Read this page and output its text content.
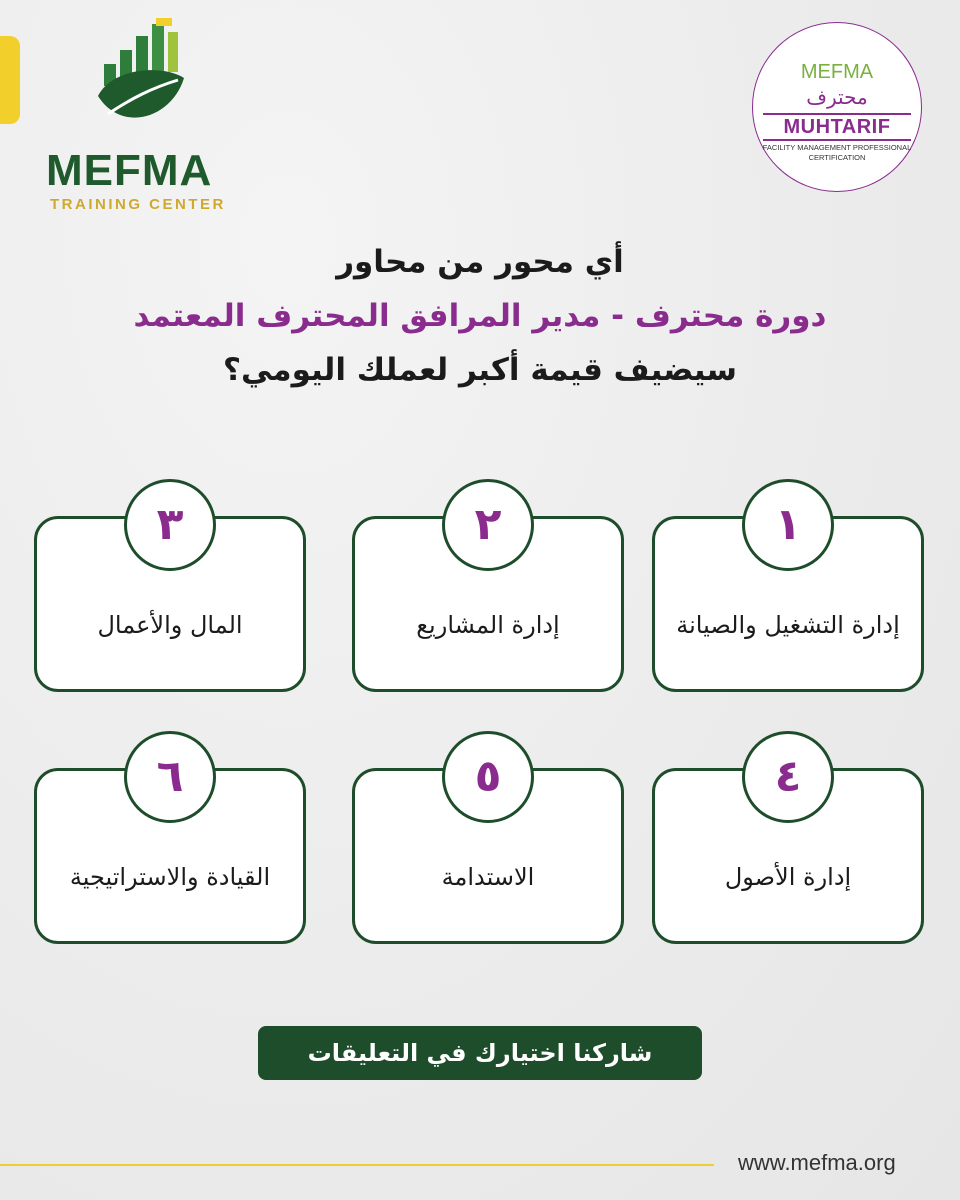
MEFMA
TRAINING CENTER
MEFMA
محترف
MUHTARIF
FACILITY MANAGEMENT PROFESSIONAL CERTIFICATION
أي محور من محاور
دورة محترف - مدير المرافق المحترف المعتمد
سيضيف قيمة أكبر لعملك اليومي؟
١
إدارة التشغيل والصيانة
٢
إدارة المشاريع
٣
المال والأعمال
٤
إدارة الأصول
٥
الاستدامة
٦
القيادة والاستراتيجية
شاركنا اختيارك في التعليقات
www.mefma.org
